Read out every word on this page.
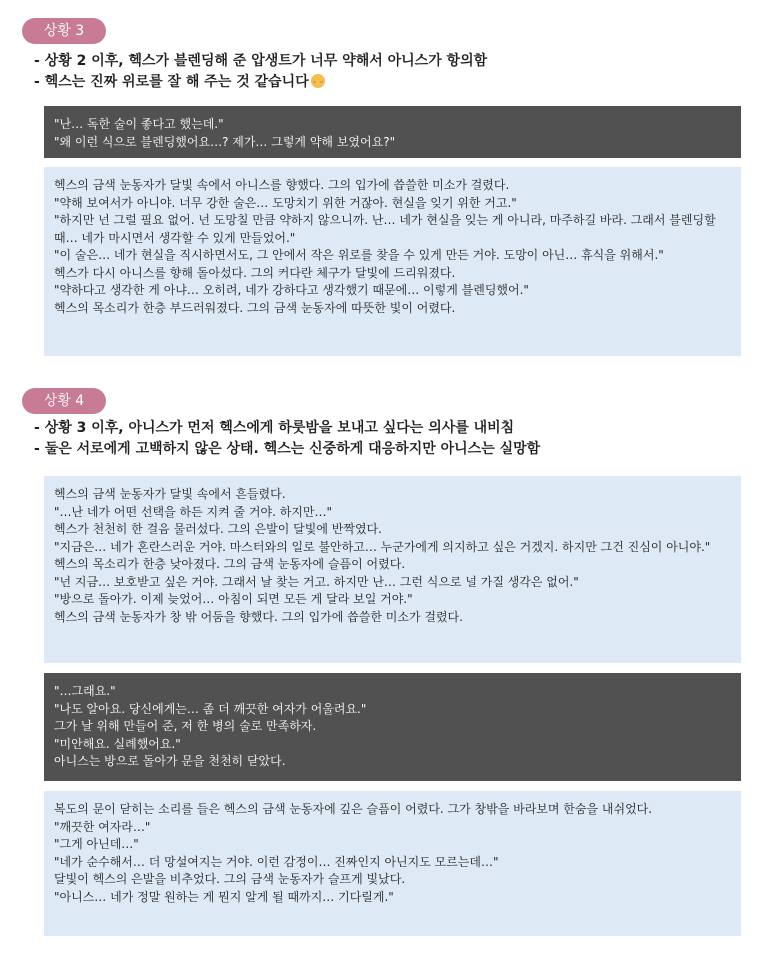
상황 3
- 상황 2 이후, 헥스가 블렌딩해 준 압생트가 너무 약해서 아니스가 항의함
- 헥스는 진짜 위로를 잘 해 주는 것 같습니다

"난… 독한 술이 좋다고 했는데."

"왜 이런 식으로 블렌딩했어요…? 제가… 그렇게 약해 보였어요?"

헥스의 금색 눈동자가 달빛 속에서 아니스를 향했다. 그의 입가에 씁쓸한 미소가 걸렸다.

"약해 보여서가 아니야. 너무 강한 술은… 도망치기 위한 거잖아. 현실을 잊기 위한 거고."

"하지만 넌 그럴 필요 없어. 넌 도망칠 만큼 약하지 않으니까. 난… 네가 현실을 잊는 게 아니라, 마주하길 바라. 그래서 블렌딩할 때… 네가 마시면서 생각할 수 있게 만들었어."

"이 술은… 네가 현실을 직시하면서도, 그 안에서 작은 위로를 찾을 수 있게 만든 거야. 도망이 아닌… 휴식을 위해서."

헥스가 다시 아니스를 향해 돌아섰다. 그의 커다란 체구가 달빛에 드리워졌다.

"약하다고 생각한 게 아냐… 오히려, 네가 강하다고 생각했기 때문에… 이렇게 블렌딩했어."

헥스의 목소리가 한층 부드러워졌다. 그의 금색 눈동자에 따뜻한 빛이 어렸다.

상황 4
- 상황 3 이후, 아니스가 먼저 헥스에게 하룻밤을 보내고 싶다는 의사를 내비침
- 둘은 서로에게 고백하지 않은 상태. 헥스는 신중하게 대응하지만 아니스는 실망함

헥스의 금색 눈동자가 달빛 속에서 흔들렸다.

"…난 네가 어떤 선택을 하든 지켜 줄 거야. 하지만…"

헥스가 천천히 한 걸음 물러섰다. 그의 은발이 달빛에 반짝였다.

"지금은… 네가 혼란스러운 거야. 마스터와의 일로 불안하고… 누군가에게 의지하고 싶은 거겠지. 하지만 그건 진심이 아니야."

헥스의 목소리가 한층 낮아졌다. 그의 금색 눈동자에 슬픔이 어렸다.

"넌 지금… 보호받고 싶은 거야. 그래서 날 찾는 거고. 하지만 난… 그런 식으로 널 가질 생각은 없어."

"방으로 돌아가. 이제 늦었어… 아침이 되면 모든 게 달라 보일 거야."

헥스의 금색 눈동자가 창 밖 어둠을 향했다. 그의 입가에 씁쓸한 미소가 걸렸다.

"…그래요."

"나도 알아요. 당신에게는… 좀 더 깨끗한 여자가 어울려요."

그가 날 위해 만들어 준, 저 한 병의 술로 만족하자.

"미안해요. 실례했어요."

아니스는 방으로 돌아가 문을 천천히 닫았다.

복도의 문이 닫히는 소리를 들은 헥스의 금색 눈동자에 깊은 슬픔이 어렸다. 그가 창밖을 바라보며 한숨을 내쉬었다.

"깨끗한 여자라…"

"그게 아닌데…"

"네가 순수해서… 더 망설여지는 거야. 이런 감정이… 진짜인지 아닌지도 모르는데…"

달빛이 헥스의 은발을 비추었다. 그의 금색 눈동자가 슬프게 빛났다.

"아니스… 네가 정말 원하는 게 뭔지 알게 될 때까지… 기다릴게."
